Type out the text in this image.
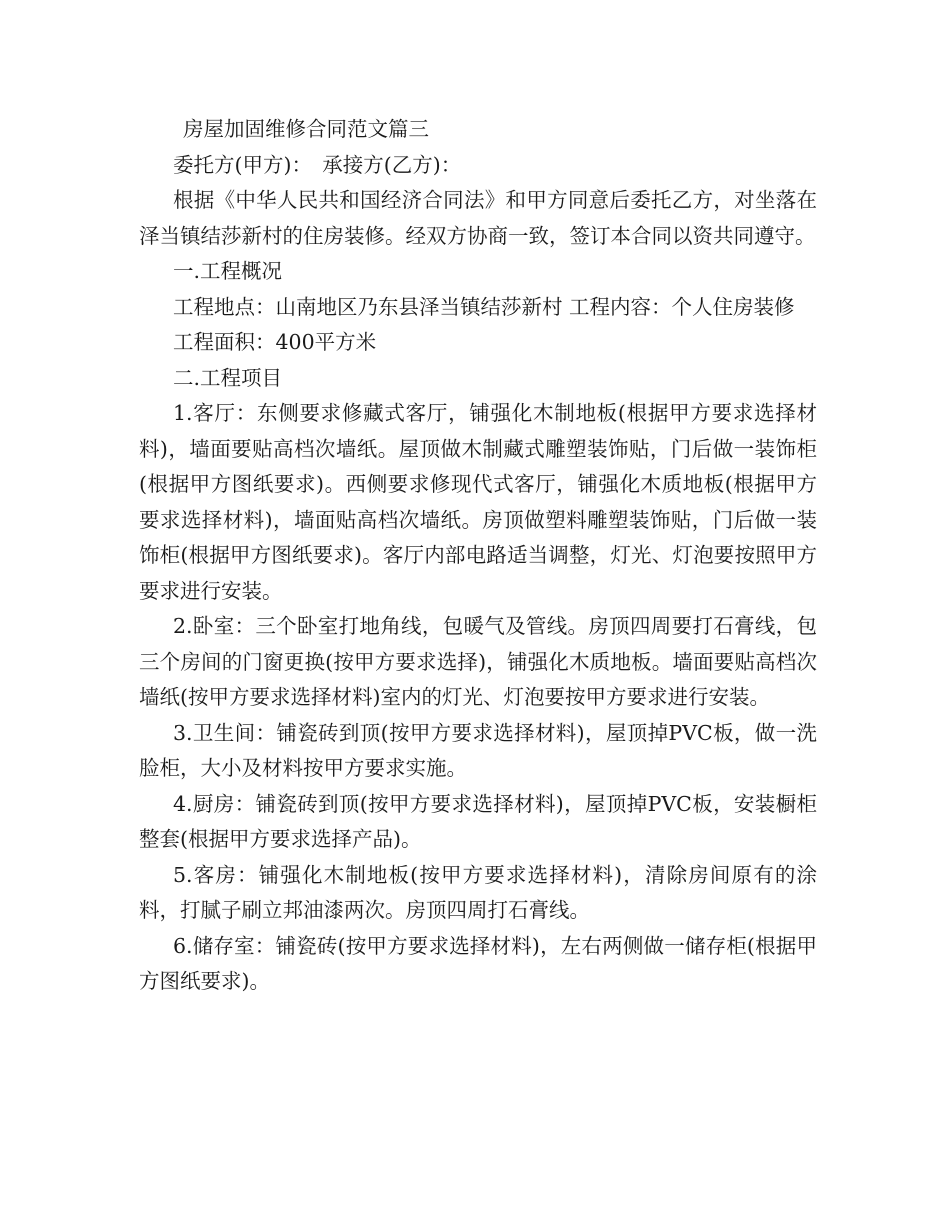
房屋加固维修合同范文篇三

委托方(甲方)：　承接方(乙方)：

根据《中华人民共和国经济合同法》和甲方同意后委托乙方，对坐落在泽当镇结莎新村的住房装修。经双方协商一致，签订本合同以资共同遵守。

一.工程概况

工程地点：山南地区乃东县泽当镇结莎新村 工程内容：个人住房装修

工程面积：400平方米

二.工程项目

1.客厅：东侧要求修藏式客厅，铺强化木制地板(根据甲方要求选择材料)，墙面要贴高档次墙纸。屋顶做木制藏式雕塑装饰贴，门后做一装饰柜(根据甲方图纸要求)。西侧要求修现代式客厅，铺强化木质地板(根据甲方要求选择材料)，墙面贴高档次墙纸。房顶做塑料雕塑装饰贴，门后做一装饰柜(根据甲方图纸要求)。客厅内部电路适当调整，灯光、灯泡要按照甲方要求进行安装。

2.卧室：三个卧室打地角线，包暖气及管线。房顶四周要打石膏线，包三个房间的门窗更换(按甲方要求选择)，铺强化木质地板。墙面要贴高档次墙纸(按甲方要求选择材料)室内的灯光、灯泡要按甲方要求进行安装。

3.卫生间：铺瓷砖到顶(按甲方要求选择材料)，屋顶掉PVC板，做一洗脸柜，大小及材料按甲方要求实施。

4.厨房：铺瓷砖到顶(按甲方要求选择材料)，屋顶掉PVC板，安装橱柜整套(根据甲方要求选择产品)。

5.客房：铺强化木制地板(按甲方要求选择材料)，清除房间原有的涂料，打腻子刷立邦油漆两次。房顶四周打石膏线。

6.储存室：铺瓷砖(按甲方要求选择材料)，左右两侧做一储存柜(根据甲方图纸要求)。
